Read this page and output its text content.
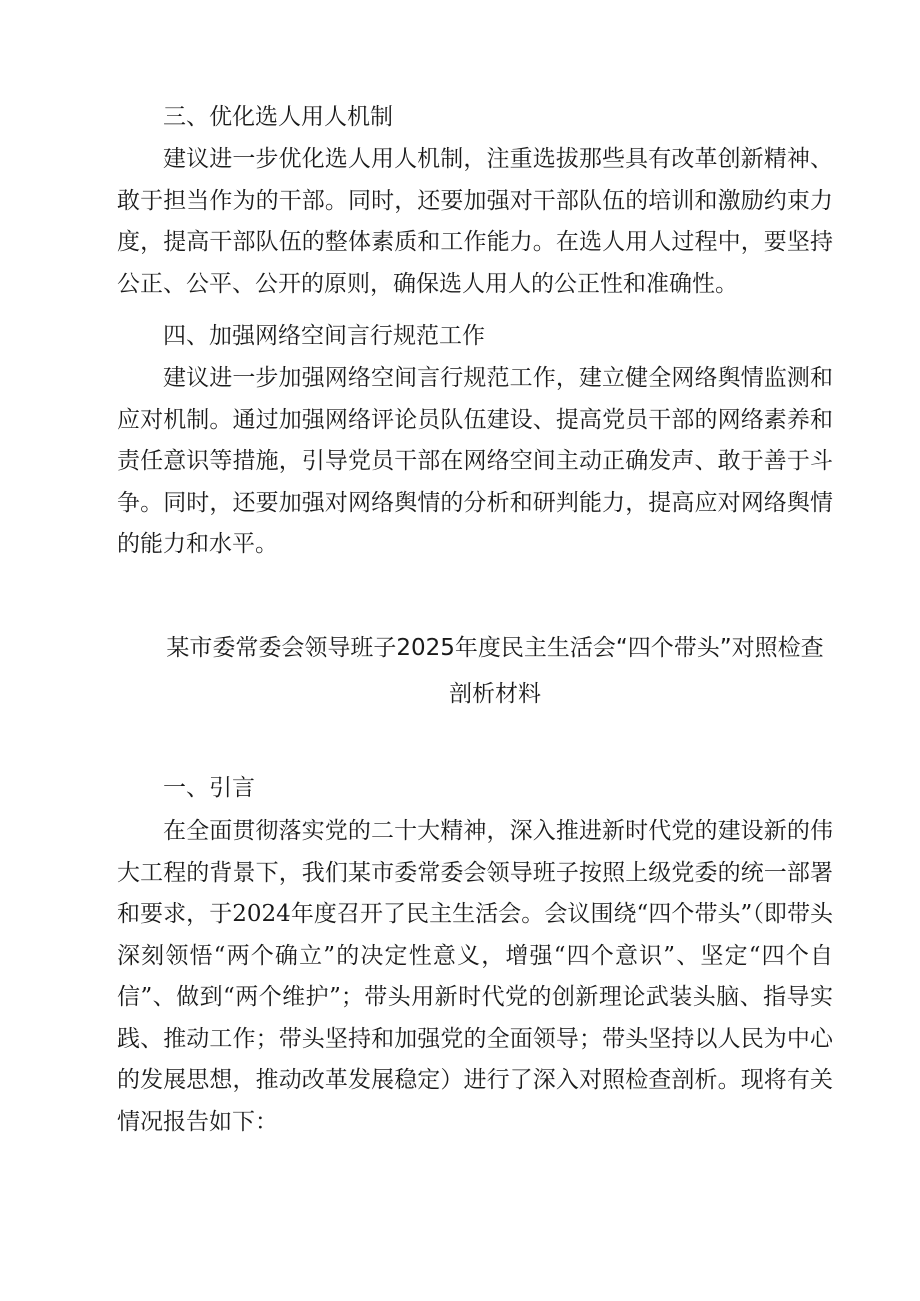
三、优化选人用人机制

建议进一步优化选人用人机制，注重选拔那些具有改革创新精神、敢于担当作为的干部。同时，还要加强对干部队伍的培训和激励约束力度，提高干部队伍的整体素质和工作能力。在选人用人过程中，要坚持公正、公平、公开的原则，确保选人用人的公正性和准确性。

四、加强网络空间言行规范工作

建议进一步加强网络空间言行规范工作，建立健全网络舆情监测和应对机制。通过加强网络评论员队伍建设、提高党员干部的网络素养和责任意识等措施，引导党员干部在网络空间主动正确发声、敢于善于斗争。同时，还要加强对网络舆情的分析和研判能力，提高应对网络舆情的能力和水平。

某市委常委会领导班子2025年度民主生活会“四个带头”对照检查
剖析材料
一、引言

在全面贯彻落实党的二十大精神，深入推进新时代党的建设新的伟大工程的背景下，我们某市委常委会领导班子按照上级党委的统一部署和要求，于2024年度召开了民主生活会。会议围绕“四个带头”（即带头深刻领悟“两个确立”的决定性意义，增强“四个意识”、坚定“四个自信”、做到“两个维护”；带头用新时代党的创新理论武装头脑、指导实践、推动工作；带头坚持和加强党的全面领导；带头坚持以人民为中心的发展思想，推动改革发展稳定）进行了深入对照检查剖析。现将有关情况报告如下：
